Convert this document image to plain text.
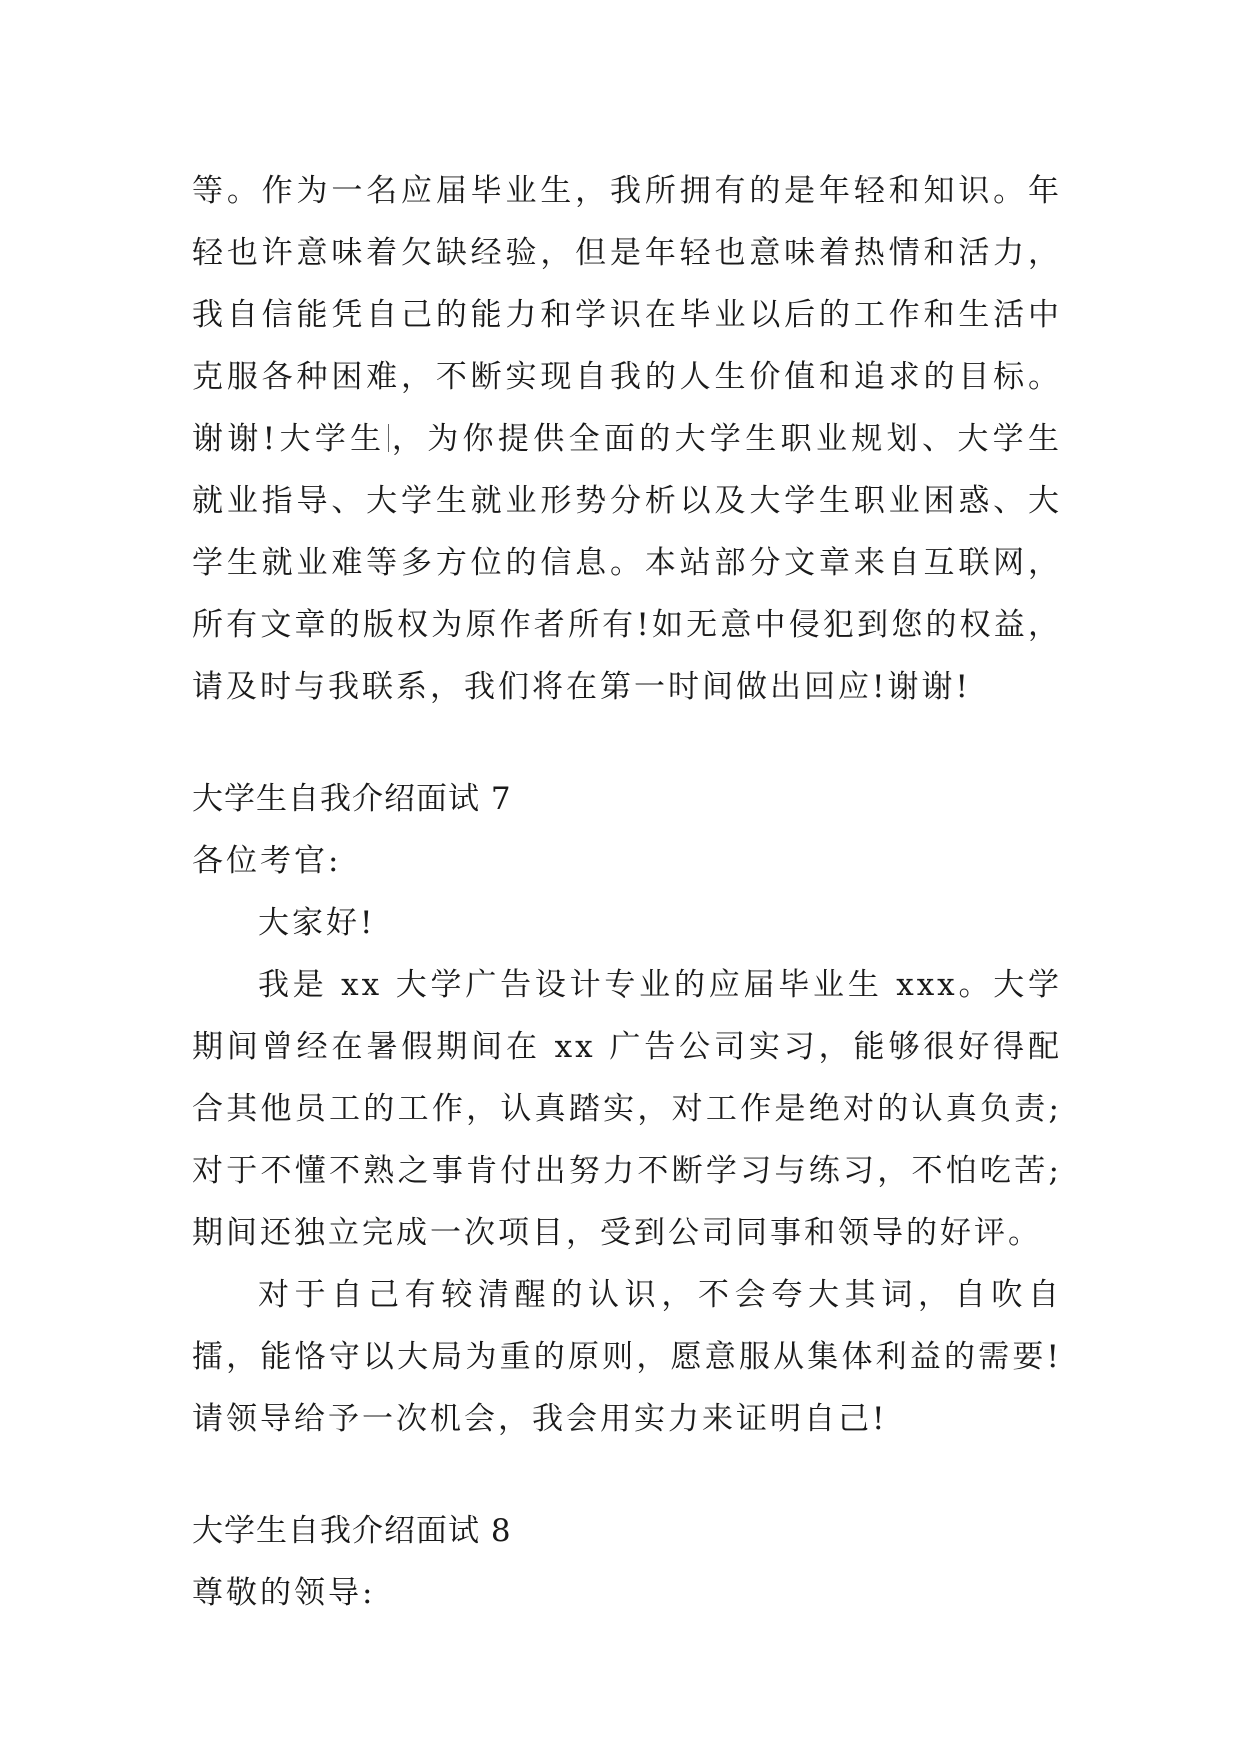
等。作为一名应届毕业生，我所拥有的是年轻和知识。年轻也许意味着欠缺经验，但是年轻也意味着热情和活力，我自信能凭自己的能力和学识在毕业以后的工作和生活中克服各种困难，不断实现自我的人生价值和追求的目标。谢谢!大学生 ，为你提供全面的大学生职业规划、大学生就业指导、大学生就业形势分析以及大学生职业困惑、大学生就业难等多方位的信息。本站部分文章来自互联网，所有文章的版权为原作者所有!如无意中侵犯到您的权益，请及时与我联系，我们将在第一时间做出回应!谢谢!

大学生自我介绍面试 7

各位考官:

大家好!

我是 xx 大学广告设计专业的应届毕业生 xxx。大学期间曾经在暑假期间在 xx 广告公司实习，能够很好得配合其他员工的工作，认真踏实，对工作是绝对的认真负责;对于不懂不熟之事肯付出努力不断学习与练习，不怕吃苦;期间还独立完成一次项目，受到公司同事和领导的好评。

对于自己有较清醒的认识，不会夸大其词，自吹自擂，能恪守以大局为重的原则，愿意服从集体利益的需要!请领导给予一次机会，我会用实力来证明自己!

大学生自我介绍面试 8

尊敬的领导:
